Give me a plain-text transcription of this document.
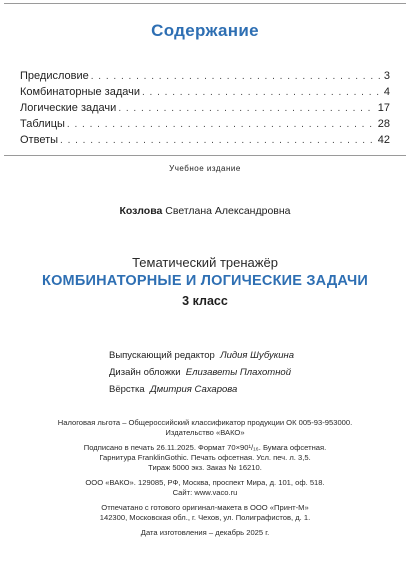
Содержание
Предисловие . . .	3
Комбинаторные задачи . . .	4
Логические задачи . . .	17
Таблицы . . .	28
Ответы . . .	42
Учебное издание
Козлова Светлана Александровна
Тематический тренажёр
КОМБИНАТОРНЫЕ И ЛОГИЧЕСКИЕ ЗАДАЧИ
3 класс
Выпускающий редактор Лидия Шубукина
Дизайн обложки Елизаветы Плахотной
Вёрстка Дмитрия Сахарова
Налоговая льгота – Общероссийский классификатор продукции ОК 005-93-953000.
Издательство «ВАКО»
Подписано в печать 26.11.2025. Формат 70×90¹/₁₆. Бумага офсетная.
Гарнитура FranklinGothic. Печать офсетная. Усл. печ. л. 3,5.
Тираж 5000 экз. Заказ № 16210.
ООО «ВАКО». 129085, РФ, Москва, проспект Мира, д. 101, оф. 518.
Сайт: www.vaco.ru
Отпечатано с готового оригинал-макета в ООО «Принт-М»
142300, Московская обл., г. Чехов, ул. Полиграфистов, д. 1.
Дата изготовления – декабрь 2025 г.
